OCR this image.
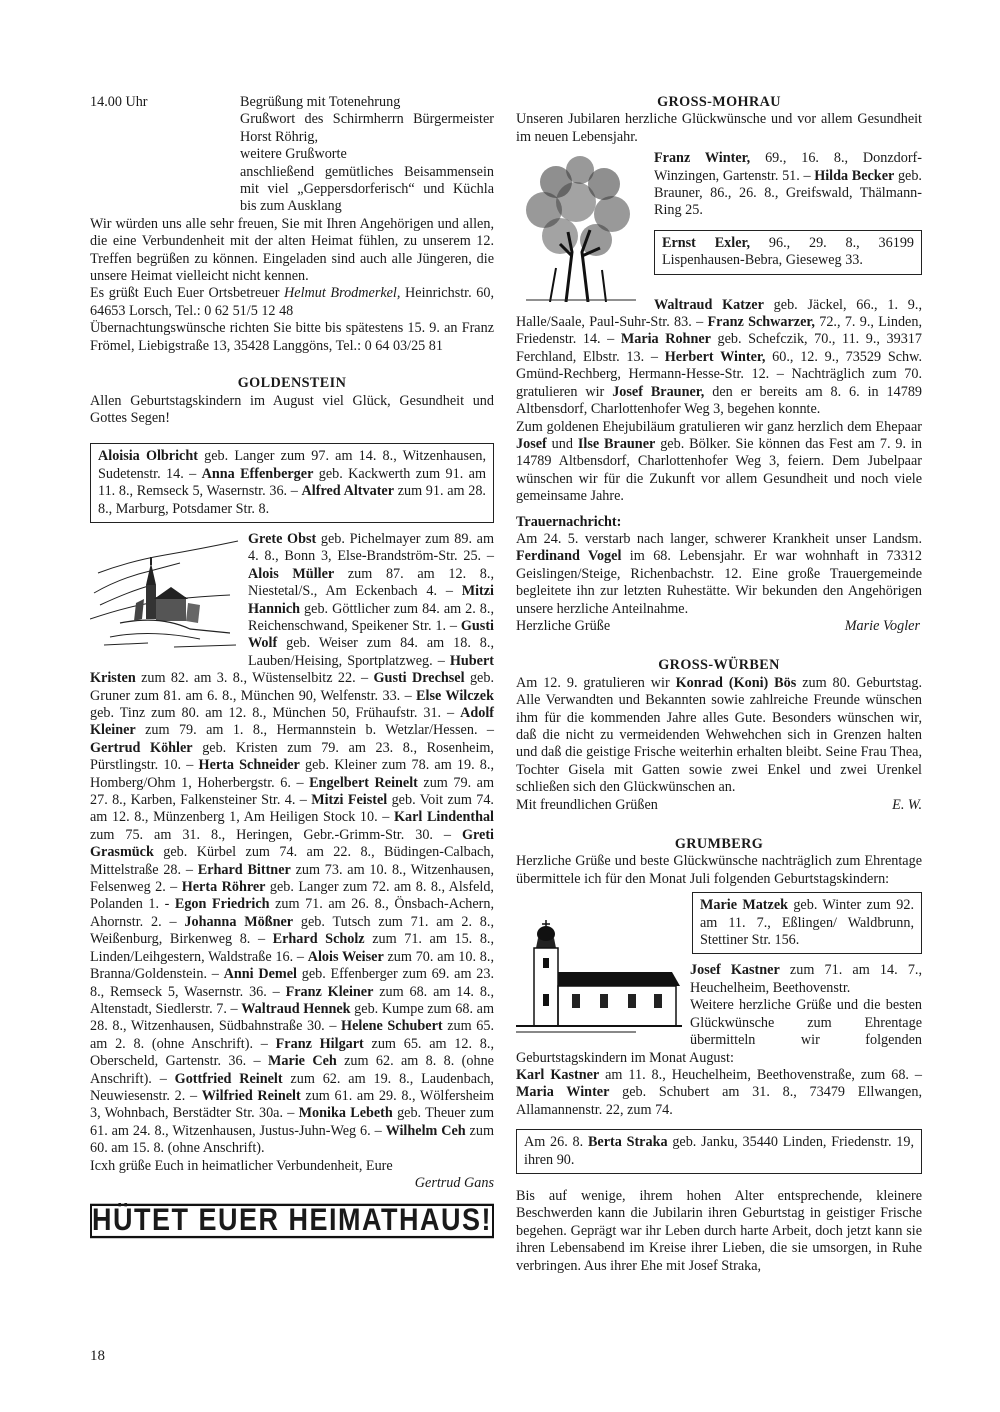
14.00 Uhr	Begrüßung mit Totenehrung

Grußwort des Schirmherrn Bürgermeister Horst Röhrig,

weitere Grußworte

anschließend gemütliches Beisammensein mit viel „Geppersdorferisch“ und Küchla bis zum Ausklang

Wir würden uns alle sehr freuen, Sie mit Ihren Angehörigen und allen, die eine Verbundenheit mit der alten Heimat fühlen, zu unserem 12. Treffen begrüßen zu können. Eingeladen sind auch alle Jüngeren, die unsere Heimat vielleicht nicht kennen.

Es grüßt Euch Euer Ortsbetreuer Helmut Brodmerkel, Heinrichstr. 60, 64653 Lorsch, Tel.: 0 62 51/5 12 48

Übernachtungswünsche richten Sie bitte bis spätestens 15. 9. an Franz Frömel, Liebigstraße 13, 35428 Langgöns, Tel.: 0 64 03/25 81

GOLDENSTEIN

Allen Geburtstagskindern im August viel Glück, Gesundheit und Gottes Segen!

Aloisia Olbricht geb. Langer zum 97. am 14. 8., Witzenhausen, Sudetenstr. 14. – Anna Effenberger geb. Kackwerth zum 91. am 11. 8., Remseck 5, Wasernstr. 36. – Alfred Altvater zum 91. am 28. 8., Marburg, Potsdamer Str. 8.
Grete Obst geb. Pichelmayer zum 89. am 4. 8., Bonn 3, Else-Brandström-Str. 25. – Alois Müller zum 87. am 12. 8., Niestetal/S., Am Eckenbach 4. – Mitzi Hannich geb. Göttlicher zum 84. am 2. 8., Reichenschwand, Speikener Str. 1. – Gusti Wolf geb. Weiser zum 84. am 18. 8., Lauben/Heising, Sportplatzweg. – Hubert Kristen zum 82. am 3. 8., Wüstenselbitz 22. – Gusti Drechsel geb. Gruner zum 81. am 6. 8., München 90, Welfenstr. 33. – Else Wilczek geb. Tinz zum 80. am 12. 8., München 50, Frühaufstr. 31. – Adolf Kleiner zum 79. am 1. 8., Hermannstein b. Wetzlar/Hessen. – Gertrud Köhler geb. Kristen zum 79. am 23. 8., Rosenheim, Pürstlingstr. 10. – Herta Schneider geb. Kleiner zum 78. am 19. 8., Homberg/Ohm 1, Hoherbergstr. 6. – Engelbert Reinelt zum 79. am 27. 8., Karben, Falkensteiner Str. 4. – Mitzi Feistel geb. Voit zum 74. am 12. 8., Münzenberg 1, Am Heiligen Stock 10. – Karl Lindenthal zum 75. am 31. 8., Heringen, Gebr.-Grimm-Str. 30. – Greti Grasmück geb. Kürbel zum 74. am 22. 8., Büdingen-Calbach, Mittelstraße 28. – Erhard Bittner zum 73. am 10. 8., Witzenhausen, Felsenweg 2. – Herta Röhrer geb. Langer zum 72. am 8. 8., Alsfeld, Polanden 1. - Egon Friedrich zum 71. am 26. 8., Önsbach-Achern, Ahornstr. 2. – Johanna Mößner geb. Tutsch zum 71. am 2. 8., Weißenburg, Birkenweg 8. – Erhard Scholz zum 71. am 15. 8., Linden/Leihgestern, Waldstraße 16. – Alois Weiser zum 70. am 10. 8., Branna/Goldenstein. – Anni Demel geb. Effenberger zum 69. am 23. 8., Remseck 5, Wasernstr. 36. – Franz Kleiner zum 68. am 14. 8., Altenstadt, Siedlerstr. 7. – Waltraud Hennek geb. Kumpe zum 68. am 28. 8., Witzenhausen, Südbahnstraße 30. – Helene Schubert zum 65. am 2. 8. (ohne Anschrift). – Franz Hilgart zum 65. am 12. 8., Oberscheld, Gartenstr. 36. – Marie Ceh zum 62. am 8. 8. (ohne Anschrift). – Gottfried Reinelt zum 62. am 19. 8., Laudenbach, Neuwiesenstr. 2. – Wilfried Reinelt zum 61. am 29. 8., Wölfersheim 3, Wohnbach, Berstädter Str. 30a. – Monika Lebeth geb. Theuer zum 61. am 24. 8., Witzenhausen, Justus-Juhn-Weg 6. – Wilhelm Ceh zum 60. am 15. 8. (ohne Anschrift).

Icxh grüße Euch in heimatlicher Verbundenheit, Eure

Gertrud Gans

HÜTET EUER HEIMATHAUS!

GROSS-MOHRAU

Unseren Jubilaren herzliche Glückwünsche und vor allem Gesundheit im neuen Lebensjahr.

Franz Winter, 69., 16. 8., Donzdorf-Winzingen, Gartenstr. 51. – Hilda Becker geb. Brauner, 86., 26. 8., Greifswald, Thälmann-Ring 25.
Ernst Exler, 96., 29. 8., 36199 Lispenhausen-Bebra, Gieseweg 33.
Waltraud Katzer geb. Jäckel, 66., 1. 9., Halle/Saale, Paul-Suhr-Str. 83. – Franz Schwarzer, 72., 7. 9., Linden, Friedenstr. 14. – Maria Rohner geb. Schefczik, 70., 11. 9., 39317 Ferchland, Elbstr. 13. – Herbert Winter, 60., 12. 9., 73529 Schw. Gmünd-Rechberg, Hermann-Hesse-Str. 12. – Nachträglich zum 70. gratulieren wir Josef Brauner, den er bereits am 8. 6. in 14789 Altbensdorf, Charlottenhofer Weg 3, begehen konnte.

Zum goldenen Ehejubiläum gratulieren wir ganz herzlich dem Ehepaar Josef und Ilse Brauner geb. Bölker. Sie können das Fest am 7. 9. in 14789 Altbensdorf, Charlottenhofer Weg 3, feiern. Dem Jubelpaar wünschen wir für die Zukunft vor allem Gesundheit und noch viele gemeinsame Jahre.

Trauernachricht:

Am 24. 5. verstarb nach langer, schwerer Krankheit unser Landsm. Ferdinand Vogel im 68. Lebensjahr. Er war wohnhaft in 73312 Geislingen/Steige, Richenbachstr. 12. Eine große Trauergemeinde begleitete ihn zur letzten Ruhestätte. Wir bekunden den Angehörigen unsere herzliche Anteilnahme.

Herzliche Grüße	Marie Vogler

GROSS-WÜRBEN

Am 12. 9. gratulieren wir Konrad (Koni) Bös zum 80. Geburtstag. Alle Verwandten und Bekannten sowie zahlreiche Freunde wünschen ihm für die kommenden Jahre alles Gute. Besonders wünschen wir, daß die nicht zu vermeidenden Wehwehchen sich in Grenzen halten und daß die geistige Frische weiterhin erhalten bleibt. Seine Frau Thea, Tochter Gisela mit Gatten sowie zwei Enkel und zwei Urenkel schließen sich den Glückwünschen an.

Mit freundlichen Grüßen	E. W.

GRUMBERG

Herzliche Grüße und beste Glückwünsche nachträglich zum Ehrentage übermittele ich für den Monat Juli folgenden Geburtstagskindern:

Marie Matzek geb. Winter zum 92. am 11. 7., Eßlingen/ Waldbrunn, Stettiner Str. 156.

Josef Kastner zum 71. am 14. 7., Heuchelheim, Beethovenstr.

Weitere herzliche Grüße und die besten Glückwünsche zum Ehrentage übermitteln wir folgenden Geburtstagskindern im Monat August:

Karl Kastner am 11. 8., Heuchelheim, Beethovenstraße, zum 68. – Maria Winter geb. Schubert am 31. 8., 73479 Ellwangen, Allamannenstr. 22, zum 74.

Am 26. 8. Berta Straka geb. Janku, 35440 Linden, Friedenstr. 19, ihren 90.

Bis auf wenige, ihrem hohen Alter entsprechende, kleinere Beschwerden kann die Jubilarin ihren Geburtstag in geistiger Frische begehen. Geprägt war ihr Leben durch harte Arbeit, doch jetzt kann sie ihren Lebensabend im Kreise ihrer Lieben, die sie umsorgen, in Ruhe verbringen. Aus ihrer Ehe mit Josef Straka,

18
